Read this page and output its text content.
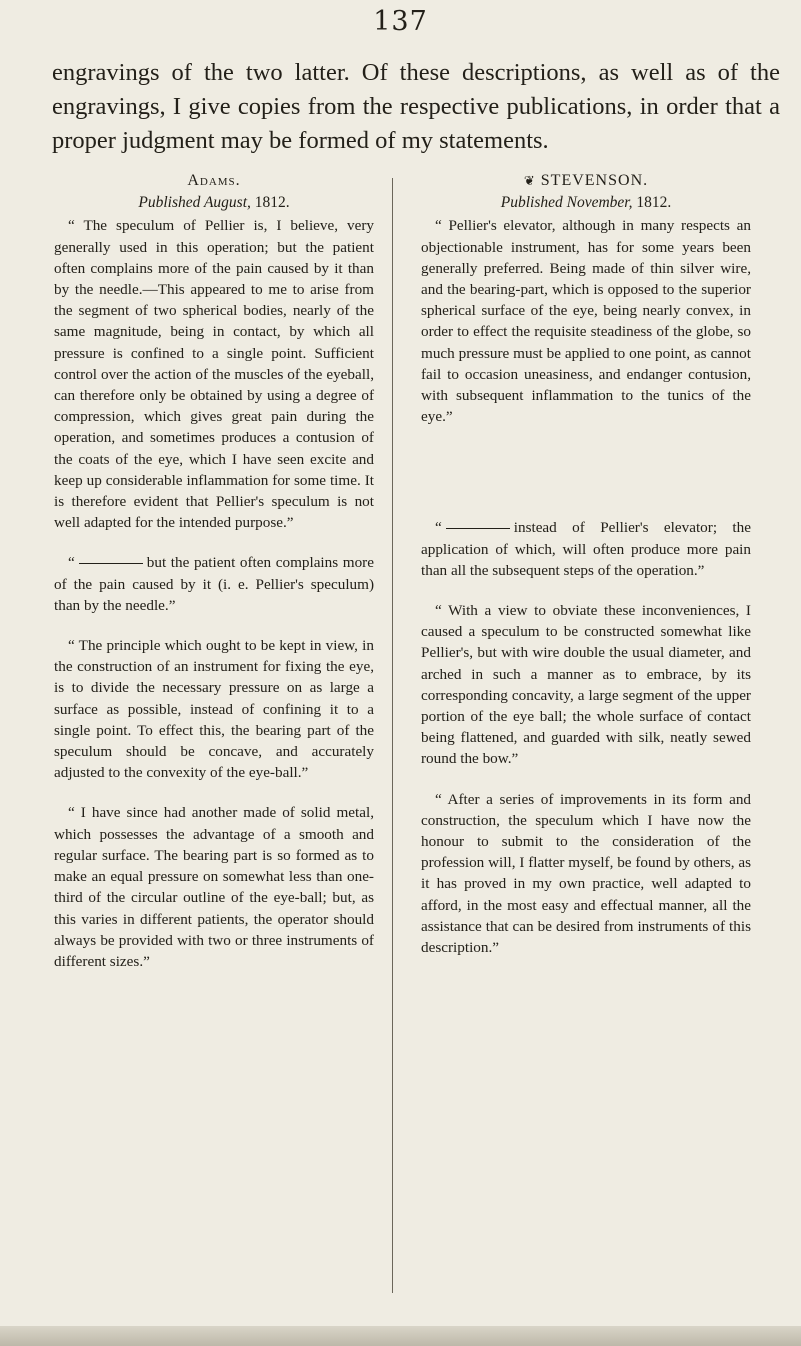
137
engravings of the two latter. Of these descriptions, as well as of the engravings, I give copies from the respective publications, in order that a proper judgment may be formed of my statements.
Adams.
Published August, 1812.

“ The speculum of Pellier is, I believe, very generally used in this operation; but the patient often complains more of the pain caused by it than by the needle.—This appeared to me to arise from the segment of two spherical bodies, nearly of the same magnitude, being in contact, by which all pressure is confined to a single point. Sufficient control over the action of the muscles of the eyeball, can therefore only be obtained by using a degree of compression, which gives great pain during the operation, and sometimes produces a contusion of the coats of the eye, which I have seen excite and keep up considerable inflammation for some time. It is therefore evident that Pellier's speculum is not well adapted for the intended purpose.”

“	but the patient often complains more of the pain caused by it (i. e. Pellier's speculum) than by the needle.”

“ The principle which ought to be kept in view, in the construction of an instrument for fixing the eye, is to divide the necessary pressure on as large a surface as possible, instead of confining it to a single point. To effect this, the bearing part of the speculum should be concave, and accurately adjusted to the convexity of the eye-ball.”

“ I have since had another made of solid metal, which possesses the advantage of a smooth and regular surface. The bearing part is so formed as to make an equal pressure on somewhat less than one-third of the circular outline of the eye-ball; but, as this varies in different patients, the operator should always be provided with two or three instruments of different sizes.”

❦ STEVENSON.
Published November, 1812.

“ Pellier's elevator, although in many respects an objectionable instrument, has for some years been generally preferred. Being made of thin silver wire, and the bearing-part, which is opposed to the superior spherical surface of the eye, being nearly convex, in order to effect the requisite steadiness of the globe, so much pressure must be applied to one point, as cannot fail to occasion uneasiness, and endanger contusion, with subsequent inflammation to the tunics of the eye.”

“	instead of Pellier's elevator; the application of which, will often produce more pain than all the subsequent steps of the operation.”

“ With a view to obviate these inconveniences, I caused a speculum to be constructed somewhat like Pellier's, but with wire double the usual diameter, and arched in such a manner as to embrace, by its corresponding concavity, a large segment of the upper portion of the eye ball; the whole surface of contact being flattened, and guarded with silk, neatly sewed round the bow.”

“ After a series of improvements in its form and construction, the speculum which I have now the honour to submit to the consideration of the profession will, I flatter myself, be found by others, as it has proved in my own practice, well adapted to afford, in the most easy and effectual manner, all the assistance that can be desired from instruments of this description.”
